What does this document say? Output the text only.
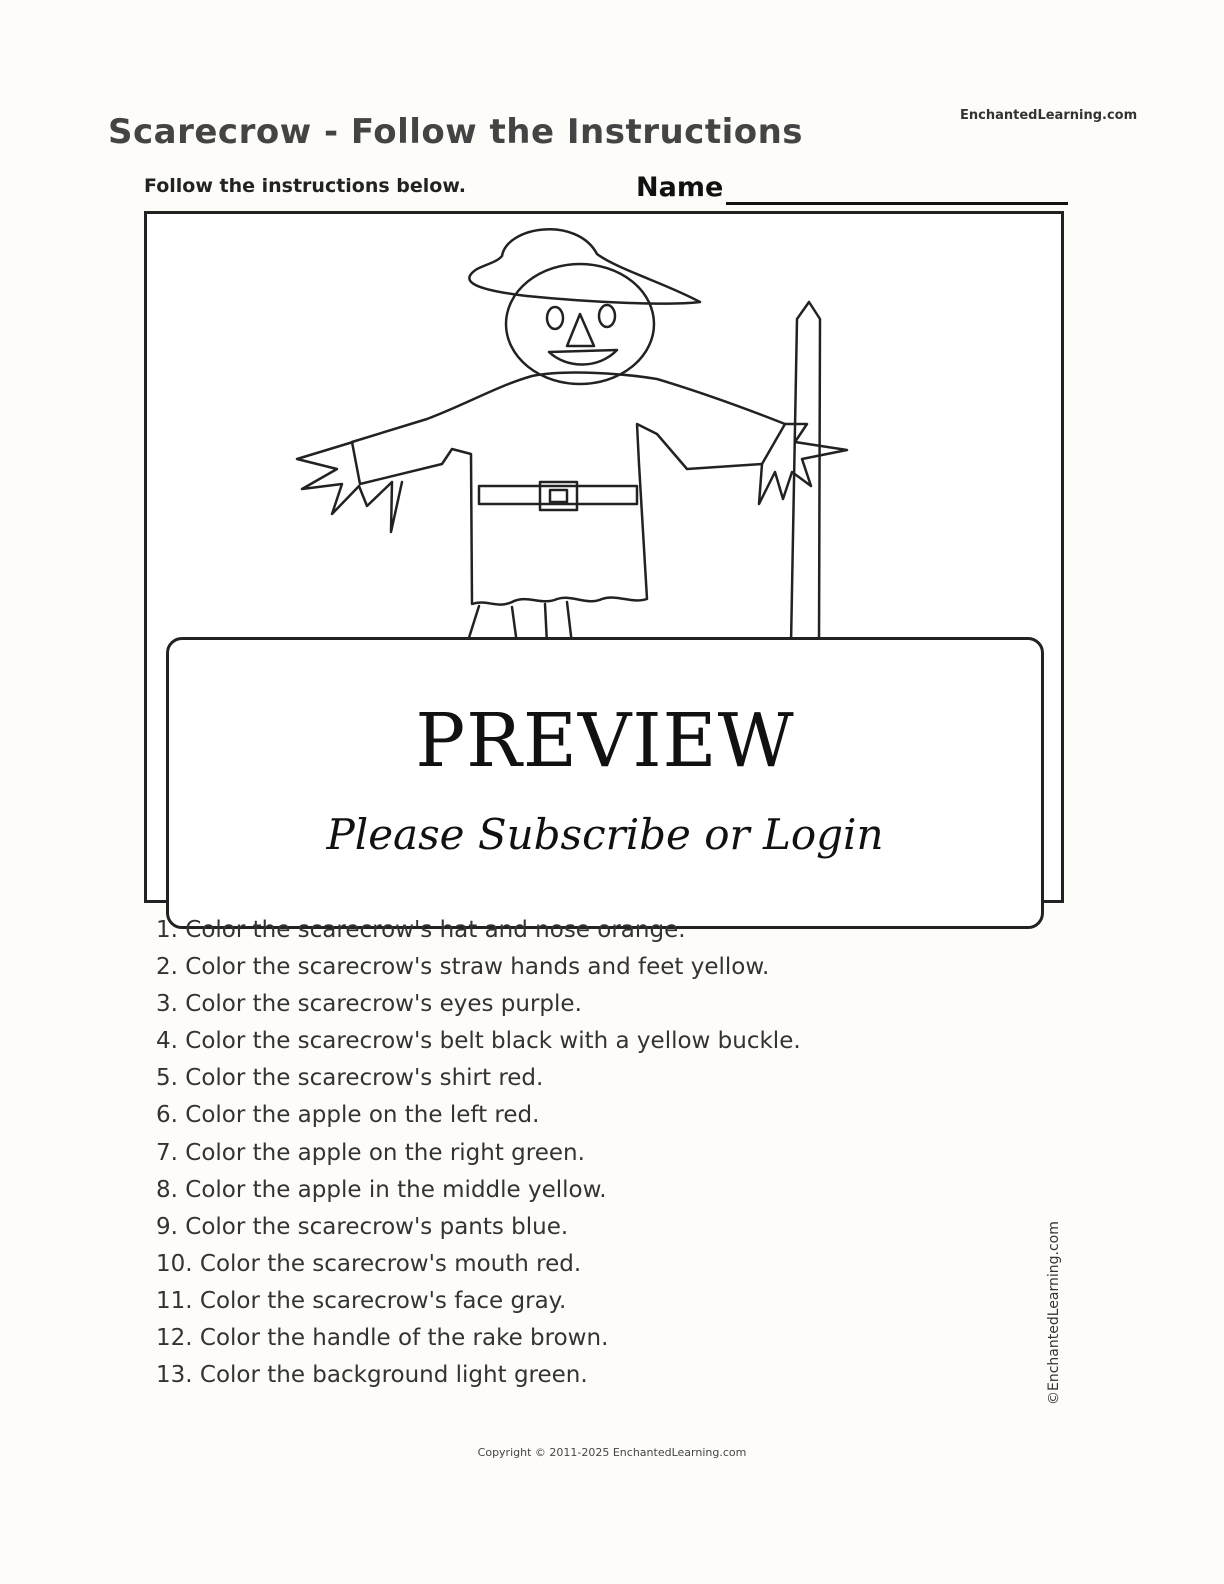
EnchantedLearning.com
Scarecrow - Follow the Instructions
Follow the instructions below.	Name
PREVIEW
Please Subscribe or Login
1. Color the scarecrow's hat and nose orange.
2. Color the scarecrow's straw hands and feet yellow.
3. Color the scarecrow's eyes purple.
4. Color the scarecrow's belt black with a yellow buckle.
5. Color the scarecrow's shirt red.
6. Color the apple on the left red.
7. Color the apple on the right green.
8. Color the apple in the middle yellow.
9. Color the scarecrow's pants blue.
10. Color the scarecrow's mouth red.
11. Color the scarecrow's face gray.
12. Color the handle of the rake brown.
13. Color the background light green.	©EnchantedLearning.com
Copyright © 2011-2025 EnchantedLearning.com
